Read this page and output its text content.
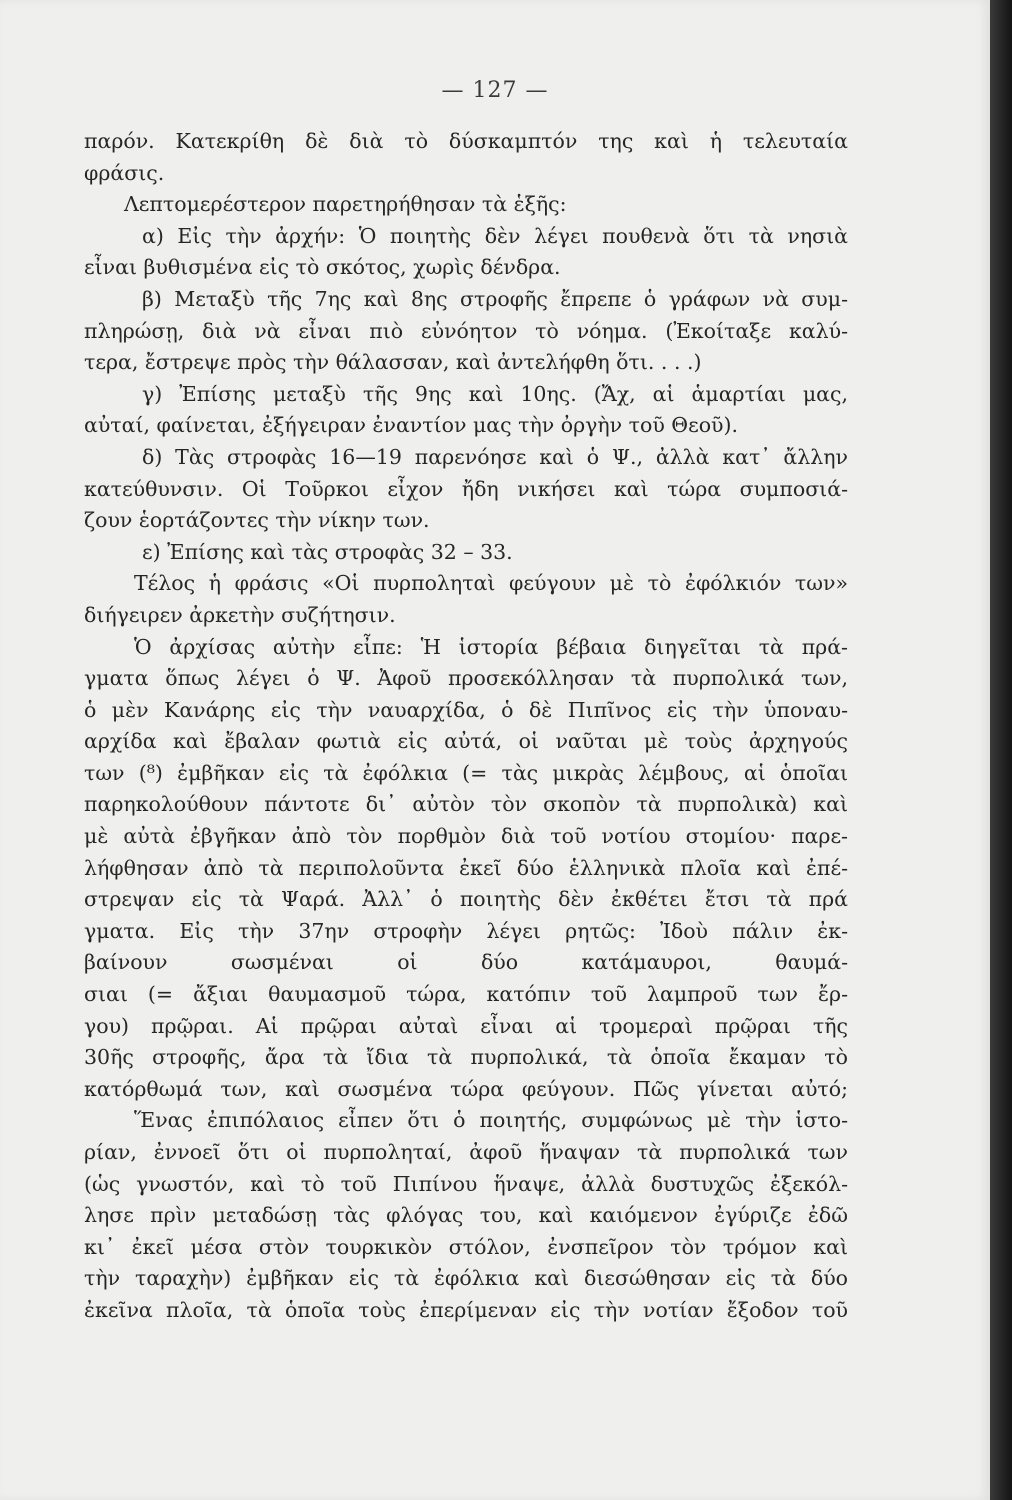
— 127 —
παρόν. Κατεκρίθη δὲ διὰ τὸ δύσκαμπτόν της καὶ ἡ τελευταία
φράσις.
Λεπτομερέστερον παρετηρήθησαν τὰ ἑξῆς:
α) Εἰς τὴν ἀρχήν: Ὁ ποιητὴς δὲν λέγει πουθενὰ ὅτι τὰ νησιὰ
εἶναι βυθισμένα εἰς τὸ σκότος, χωρὶς δένδρα.
β) Μεταξὺ τῆς 7ης καὶ 8ης στροφῆς ἔπρεπε ὁ γράφων νὰ συμ-
πληρώσῃ, διὰ νὰ εἶναι πιὸ εὐνόητον τὸ νόημα. (Ἐκοίταξε καλύ-
τερα, ἔστρεψε πρὸς τὴν θάλασσαν, καὶ ἀντελήφθη ὅτι. . . .)
γ) Ἐπίσης μεταξὺ τῆς 9ης καὶ 10ης. (Ἄχ, αἱ ἁμαρτίαι μας,
αὐταί, φαίνεται, ἐξήγειραν ἐναντίον μας τὴν ὀργὴν τοῦ Θεοῦ).
δ) Τὰς στροφὰς 16—19 παρενόησε καὶ ὁ Ψ., ἀλλὰ κατ᾽ ἄλλην
κατεύθυνσιν. Οἱ Τοῦρκοι εἶχον ἤδη νικήσει καὶ τώρα συμποσιά-
ζουν ἑορτάζοντες τὴν νίκην των.
ε) Ἐπίσης καὶ τὰς στροφὰς 32 – 33.
Τέλος ἡ φράσις «Οἱ πυρποληταὶ φεύγουν μὲ τὸ ἐφόλκιόν των»
διήγειρεν ἀρκετὴν συζήτησιν.
Ὁ ἀρχίσας αὐτὴν εἶπε: Ἡ ἱστορία βέβαια διηγεῖται τὰ πρά-
γματα ὅπως λέγει ὁ Ψ. Ἀφοῦ προσεκόλλησαν τὰ πυρπολικά των,
ὁ μὲν Κανάρης εἰς τὴν ναυαρχίδα, ὁ δὲ Πιπῖνος εἰς τὴν ὑποναυ-
αρχίδα καὶ ἔβαλαν φωτιὰ εἰς αὐτά, οἱ ναῦται μὲ τοὺς ἀρχηγούς
των (⁸) ἐμβῆκαν εἰς τὰ ἐφόλκια (= τὰς μικρὰς λέμβους, αἱ ὁποῖαι
παρηκολούθουν πάντοτε δι᾽ αὐτὸν τὸν σκοπὸν τὰ πυρπολικὰ) καὶ
μὲ αὐτὰ ἐβγῆκαν ἀπὸ τὸν πορθμὸν διὰ τοῦ νοτίου στομίου· παρε-
λήφθησαν ἀπὸ τὰ περιπολοῦντα ἐκεῖ δύο ἑλληνικὰ πλοῖα καὶ ἐπέ-
στρεψαν εἰς τὰ Ψαρά. Ἀλλ᾽ ὁ ποιητὴς δὲν ἐκθέτει ἔτσι τὰ πρά
γματα. Εἰς τὴν 37ην στροφὴν λέγει ρητῶς: Ἰδοὺ πάλιν ἐκ-
βαίνουν σωσμέναι οἱ δύο κατάμαυροι, θαυμά-
σιαι (= ἄξιαι θαυμασμοῦ τώρα, κατόπιν τοῦ λαμπροῦ των ἔρ-
γου) πρῷραι. Αἱ πρῷραι αὐταὶ εἶναι αἱ τρομεραὶ πρῷραι τῆς
30ῆς στροφῆς, ἄρα τὰ ἴδια τὰ πυρπολικά, τὰ ὁποῖα ἔκαμαν τὸ
κατόρθωμά των, καὶ σωσμένα τώρα φεύγουν. Πῶς γίνεται αὐτό;
Ἕνας ἐπιπόλαιος εἶπεν ὅτι ὁ ποιητής, συμφώνως μὲ τὴν ἱστο-
ρίαν, ἐννοεῖ ὅτι οἱ πυρποληταί, ἀφοῦ ἥναψαν τὰ πυρπολικά των
(ὡς γνωστόν, καὶ τὸ τοῦ Πιπίνου ἥναψε, ἀλλὰ δυστυχῶς ἐξεκόλ-
λησε πρὶν μεταδώσῃ τὰς φλόγας του, καὶ καιόμενον ἐγύριζε ἐδῶ
κι᾽ ἐκεῖ μέσα στὸν τουρκικὸν στόλον, ἐνσπεῖρον τὸν τρόμον καὶ
τὴν ταραχὴν) ἐμβῆκαν εἰς τὰ ἐφόλκια καὶ διεσώθησαν εἰς τὰ δύο
ἐκεῖνα πλοῖα, τὰ ὁποῖα τοὺς ἐπερίμεναν εἰς τὴν νοτίαν ἔξοδον τοῦ
